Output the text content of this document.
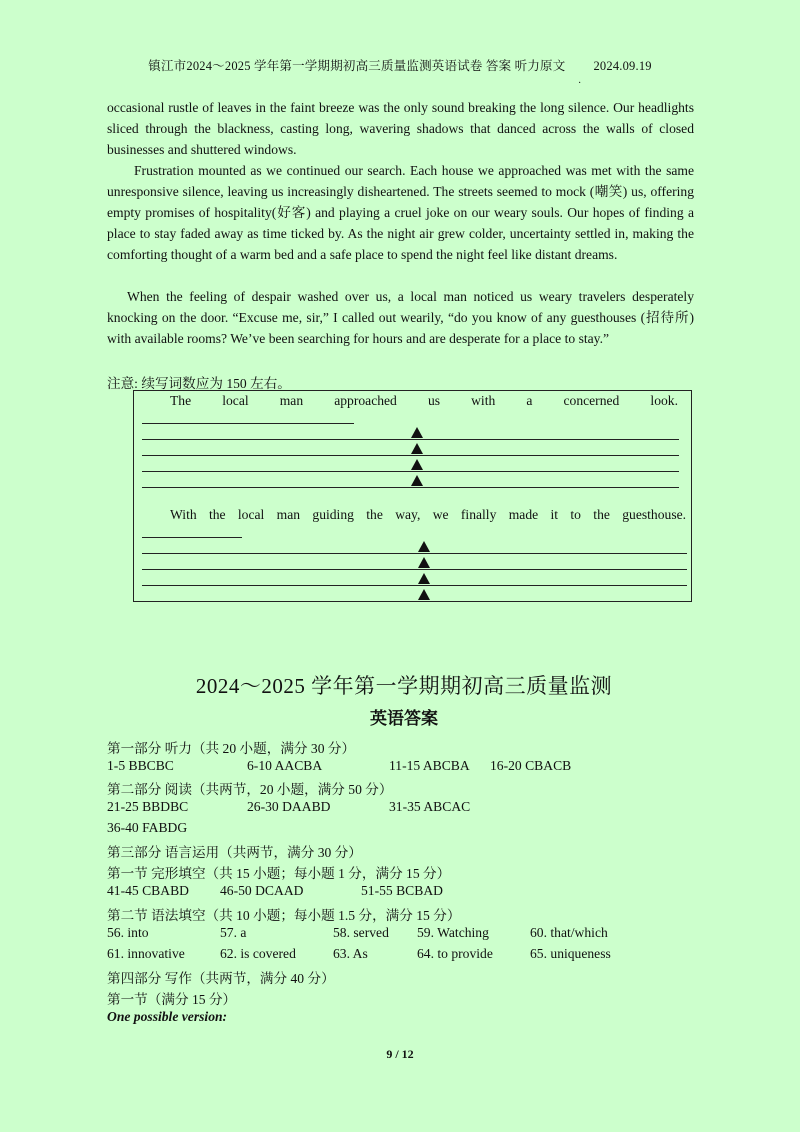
镇江市2024～2025 学年第一学期期初高三质量监测英语试卷 答案 听力原文 2024.09.19
·
occasional rustle of leaves in the faint breeze was the only sound breaking the long silence. Our headlights sliced through the blackness, casting long, wavering shadows that danced across the walls of closed businesses and shuttered windows.
Frustration mounted as we continued our search. Each house we approached was met with the same unresponsive silence, leaving us increasingly disheartened. The streets seemed to mock (嘲笑) us, offering empty promises of hospitality(好客) and playing a cruel joke on our weary souls. Our hopes of finding a place to stay faded away as time ticked by. As the night air grew colder, uncertainty settled in, making the comforting thought of a warm bed and a safe place to spend the night feel like distant dreams.
When the feeling of despair washed over us, a local man noticed us weary travelers desperately knocking on the door. “Excuse me, sir,” I called out wearily, “do you know of any guesthouses (招待所) with available rooms? We’ve been searching for hours and are desperate for a place to stay.”
注意: 续写词数应为 150 左右。
The local man approached us with a concerned look.
With the local man guiding the way, we finally made it to the guesthouse.
2024～2025 学年第一学期期初高三质量监测
英语答案
第一部分 听力（共 20 小题，满分 30 分）
1-5 BBCBC	6-10 AACBA	11-15 ABCBA 16-20 CBACB
第二部分 阅读（共两节，20 小题，满分 50 分）
21-25 BBDBC	26-30 DAABD	31-35 ABCAC
36-40 FABDG
第三部分 语言运用（共两节，满分 30 分）
第一节 完形填空（共 15 小题；每小题 1 分，满分 15 分）
41-45 CBABD 46-50 DCAAD	51-55 BCBAD
第二节 语法填空（共 10 小题；每小题 1.5 分，满分 15 分）
56. into	57. a	58. served 59. Watching	60. that/which
61. innovative	62. is covered	63. As	64. to provide	65. uniqueness
第四部分 写作（共两节，满分 40 分）
第一节（满分 15 分）
One possible version:
9 / 12
